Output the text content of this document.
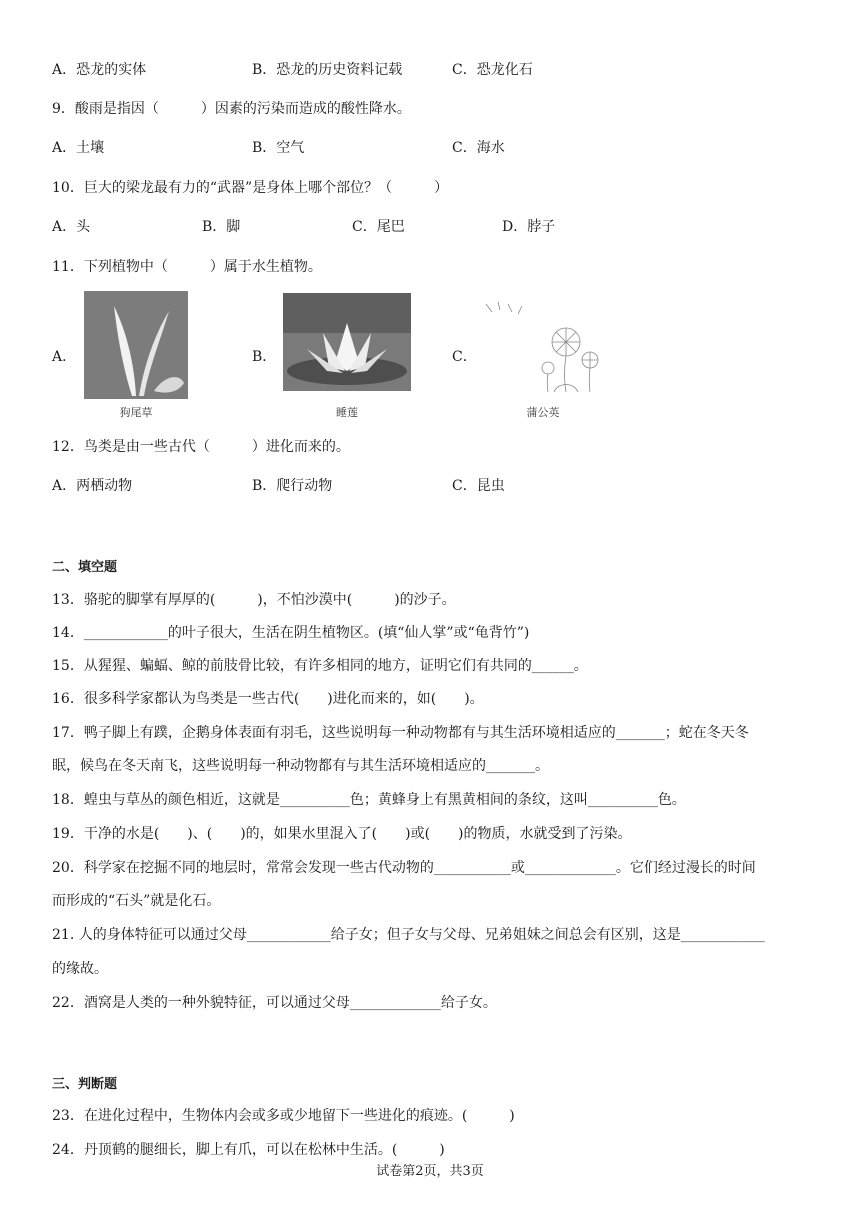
A．恐龙的实体	B．恐龙的历史资料记载	C．恐龙化石
9．酸雨是指因（　　　）因素的污染而造成的酸性降水。
A．土壤	B．空气	C．海水
10．巨大的梁龙最有力的“武器”是身体上哪个部位？（　　　）
A．头	B．脚	C．尾巴	D．脖子
11．下列植物中（　　　）属于水生植物。
A．	B．	C．
狗尾草	睡莲	蒲公英
12．鸟类是由一些古代（　　　）进化而来的。
A．两栖动物	B．爬行动物	C．昆虫
二、填空题
13．骆驼的脚掌有厚厚的(　　　)，不怕沙漠中(　　　)的沙子。
14．____________的叶子很大，生活在阴生植物区。(填“仙人掌”或“龟背竹”)
15．从猩猩、蝙蝠、鲸的前肢骨比较，有许多相同的地方，证明它们有共同的______。
16．很多科学家都认为鸟类是一些古代(　　)进化而来的，如(　　)。
17．鸭子脚上有蹼，企鹅身体表面有羽毛，这些说明每一种动物都有与其生活环境相适应的_______；蛇在冬天冬
眠，候鸟在冬天南飞，这些说明每一种动物都有与其生活环境相适应的_______。
18．蝗虫与草丛的颜色相近，这就是__________色；黄蜂身上有黑黄相间的条纹，这叫__________色。
19．干净的水是(　　)、(　　)的，如果水里混入了(　　)或(　　)的物质，水就受到了污染。
20．科学家在挖掘不同的地层时，常常会发现一些古代动物的___________或_____________。它们经过漫长的时间
而形成的“石头”就是化石。
21. 人的身体特征可以通过父母____________给子女；但子女与父母、兄弟姐妹之间总会有区别，这是____________
的缘故。
22．酒窝是人类的一种外貌特征，可以通过父母_____________给子女。
三、判断题
23．在进化过程中，生物体内会或多或少地留下一些进化的痕迹。(　　　)
24．丹顶鹤的腿细长，脚上有爪，可以在松林中生活。(　　　)
试卷第2页，共3页
